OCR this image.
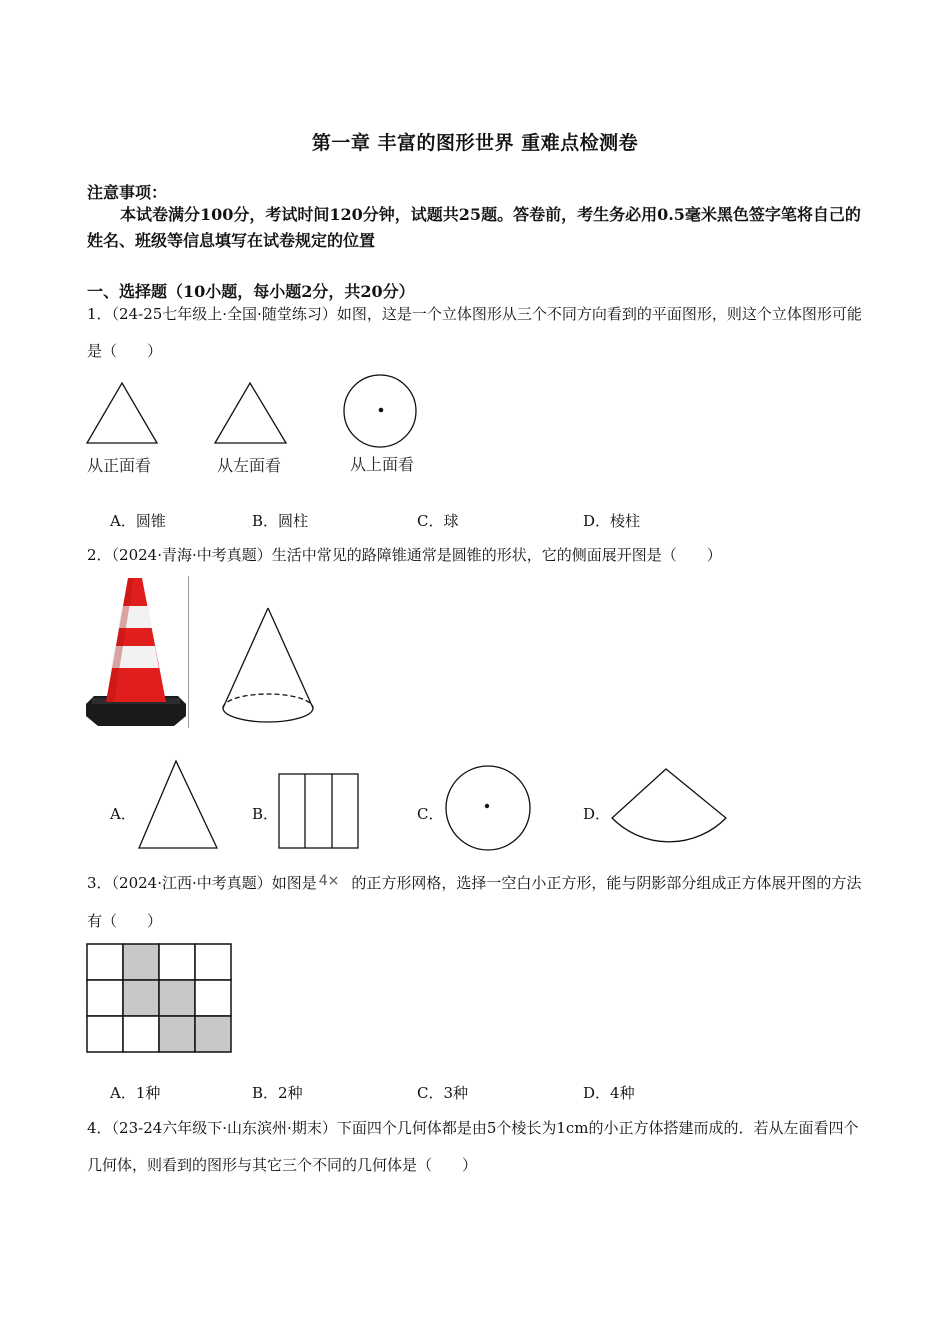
第一章 丰富的图形世界 重难点检测卷
注意事项：
本试卷满分100分，考试时间120分钟，试题共25题。答卷前，考生务必用0.5毫米黑色签字笔将自己的姓名、班级等信息填写在试卷规定的位置
一、选择题（10小题，每小题2分，共20分）
1．（24-25七年级上·全国·随堂练习）如图，这是一个立体图形从三个不同方向看到的平面图形，则这个立体图形可能是（　　）
从正面看	从左面看	从上面看
A．圆锥	B．圆柱	C．球	D．棱柱
2．（2024·青海·中考真题）生活中常见的路障锥通常是圆锥的形状，它的侧面展开图是（　　）
A．	B．	C．	D．
3．（2024·江西·中考真题）如图是 4× 的正方形网格，选择一空白小正方形，能与阴影部分组成正方体展开图的方法有（　　）
A．1种	B．2种	C．3种	D．4种
4．（23-24六年级下·山东滨州·期末）下面四个几何体都是由5个棱长为1cm的小正方体搭建而成的．若从左面看四个几何体，则看到的图形与其它三个不同的几何体是（　　）
